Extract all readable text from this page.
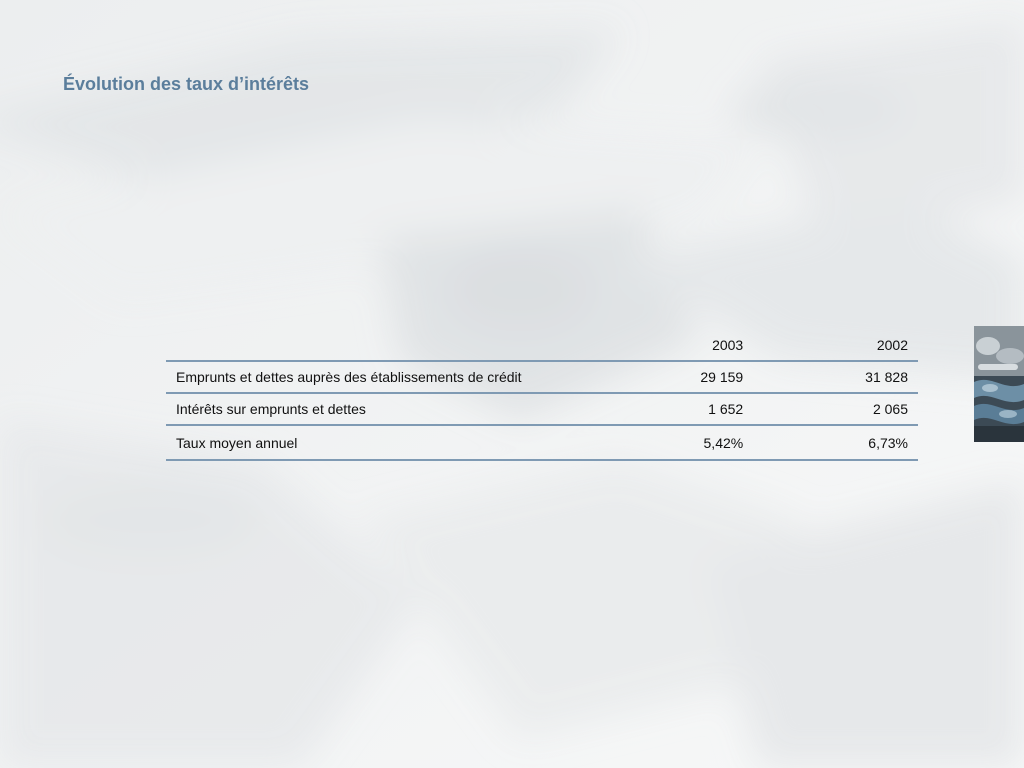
Évolution des taux d’intérêts
	2003	2002
Emprunts et dettes auprès des établissements de crédit	29 159	31 828
Intérêts sur emprunts et dettes	1 652	2 065
Taux moyen annuel	5,42%	6,73%
